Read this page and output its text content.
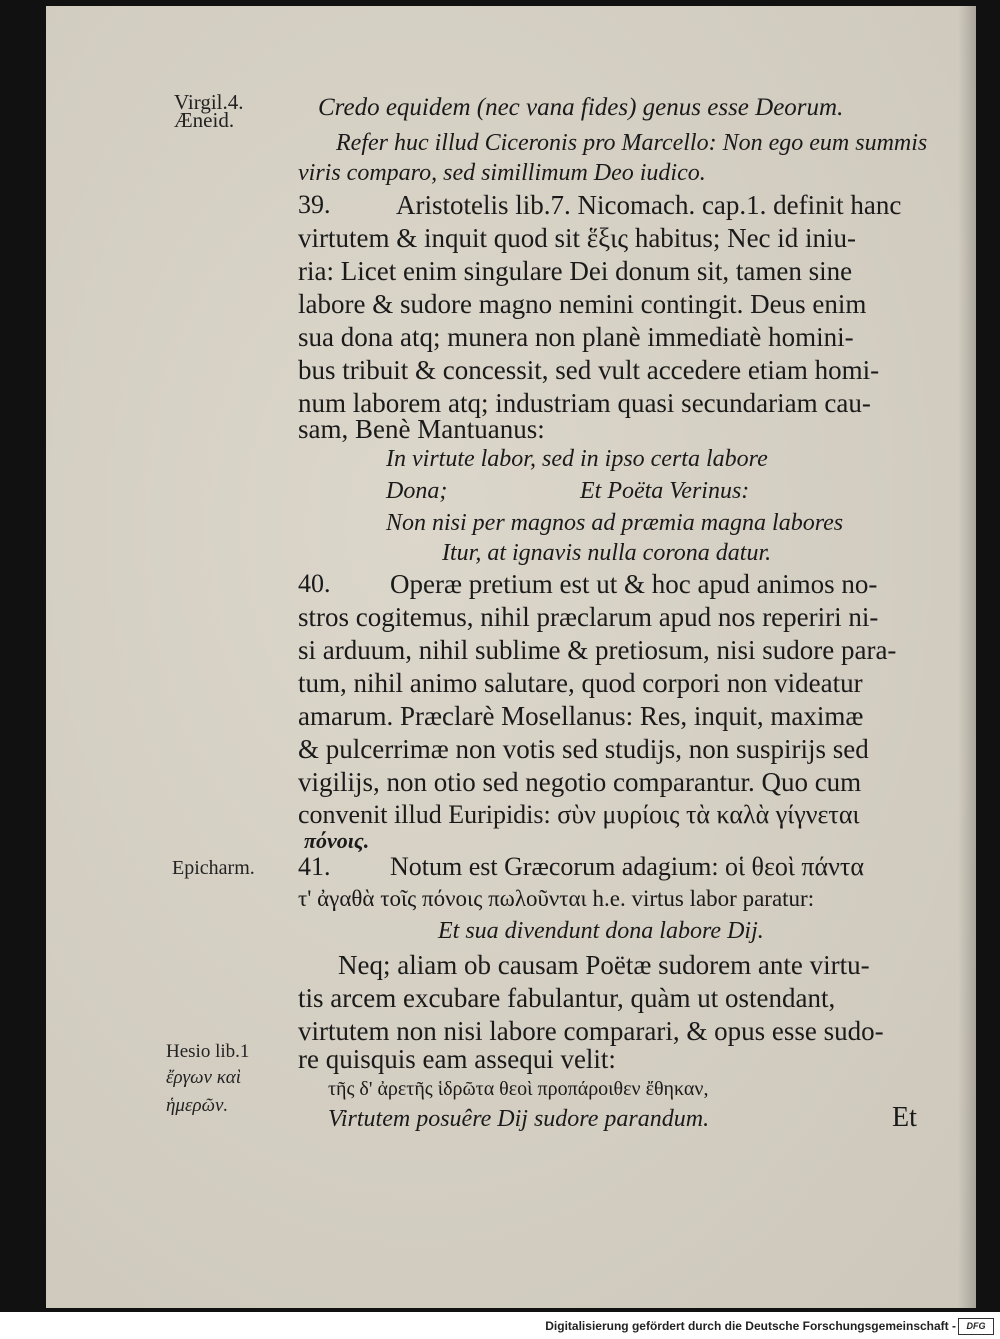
Virgil.4.
Æneid.
Epicharm.
Hesio lib.1
ἔργων καὶ
ἡμερῶν.
Credo equidem (nec vana fides) genus esse Deorum.
Refer huc illud Ciceronis pro Marcello: Non ego eum summis
viris comparo, sed simillimum Deo iudico.
39. Aristotelis lib.7. Nicomach. cap.1. definit hanc
virtutem & inquit quod sit ἕξις habitus; Nec id iniu-
ria: Licet enim singulare Dei donum sit, tamen sine
labore & sudore magno nemini contingit. Deus enim
sua dona atq; munera non planè immediatè homini-
bus tribuit & concessit, sed vult accedere etiam homi-
num laborem atq; industriam quasi secundariam cau-
sam, Benè Mantuanus:
In virtute labor, sed in ipso certa labore
Dona;	Et Poëta Verinus:
Non nisi per magnos ad præmia magna labores
Itur, at ignavis nulla corona datur.
40. Operæ pretium est ut & hoc apud animos no-
stros cogitemus, nihil præclarum apud nos reperiri ni-
si arduum, nihil sublime & pretiosum, nisi sudore para-
tum, nihil animo salutare, quod corpori non videatur
amarum. Præclarè Mosellanus: Res, inquit, maximæ
& pulcerrimæ non votis sed studijs, non suspirijs sed
vigilijs, non otio sed negotio comparantur. Quo cum
convenit illud Euripidis: σὺν μυρίοις τὰ καλὰ γίγνεται
πόνοις.
41. Notum est Græcorum adagium: οἱ θεοὶ πάντα
τ' ἀγαθὰ τοῖς πόνοις πωλοῦνται h.e. virtus labor paratur:
Et sua divendunt dona labore Dij.
Neq; aliam ob causam Poëtæ sudorem ante virtu-
tis arcem excubare fabulantur, quàm ut ostendant,
virtutem non nisi labore comparari, & opus esse sudo-
re quisquis eam assequi velit:
τῆς δ' ἀρετῆς ἱδρῶτα θεοὶ προπάροιθεν ἔθηκαν,
Virtutem posuêre Dij sudore parandum.	Et
Digitalisierung gefördert durch die Deutsche Forschungsgemeinschaft -	DFG
